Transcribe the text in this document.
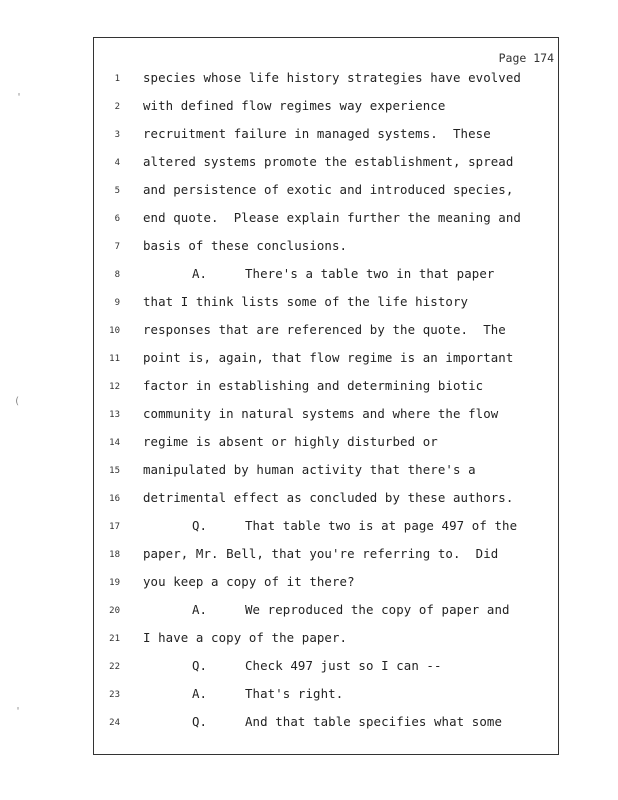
Page 174
1 species whose life history strategies have evolved
2 with defined flow regimes way experience
3 recruitment failure in managed systems.  These
4 altered systems promote the establishment, spread
5 and persistence of exotic and introduced species,
6 end quote.  Please explain further the meaning and
7 basis of these conclusions.
8	A.	There's a table two in that paper
9 that I think lists some of the life history
10 responses that are referenced by the quote.  The
11 point is, again, that flow regime is an important
12 factor in establishing and determining biotic
13 community in natural systems and where the flow
14 regime is absent or highly disturbed or
15 manipulated by human activity that there's a
16 detrimental effect as concluded by these authors.
17	Q.	That table two is at page 497 of the
18 paper, Mr. Bell, that you're referring to.  Did
19 you keep a copy of it there?
20	A.	We reproduced the copy of paper and
21 I have a copy of the paper.
22	Q.	Check 497 just so I can --
23	A.	That's right.
24	Q.	And that table specifies what some
'
(
'
